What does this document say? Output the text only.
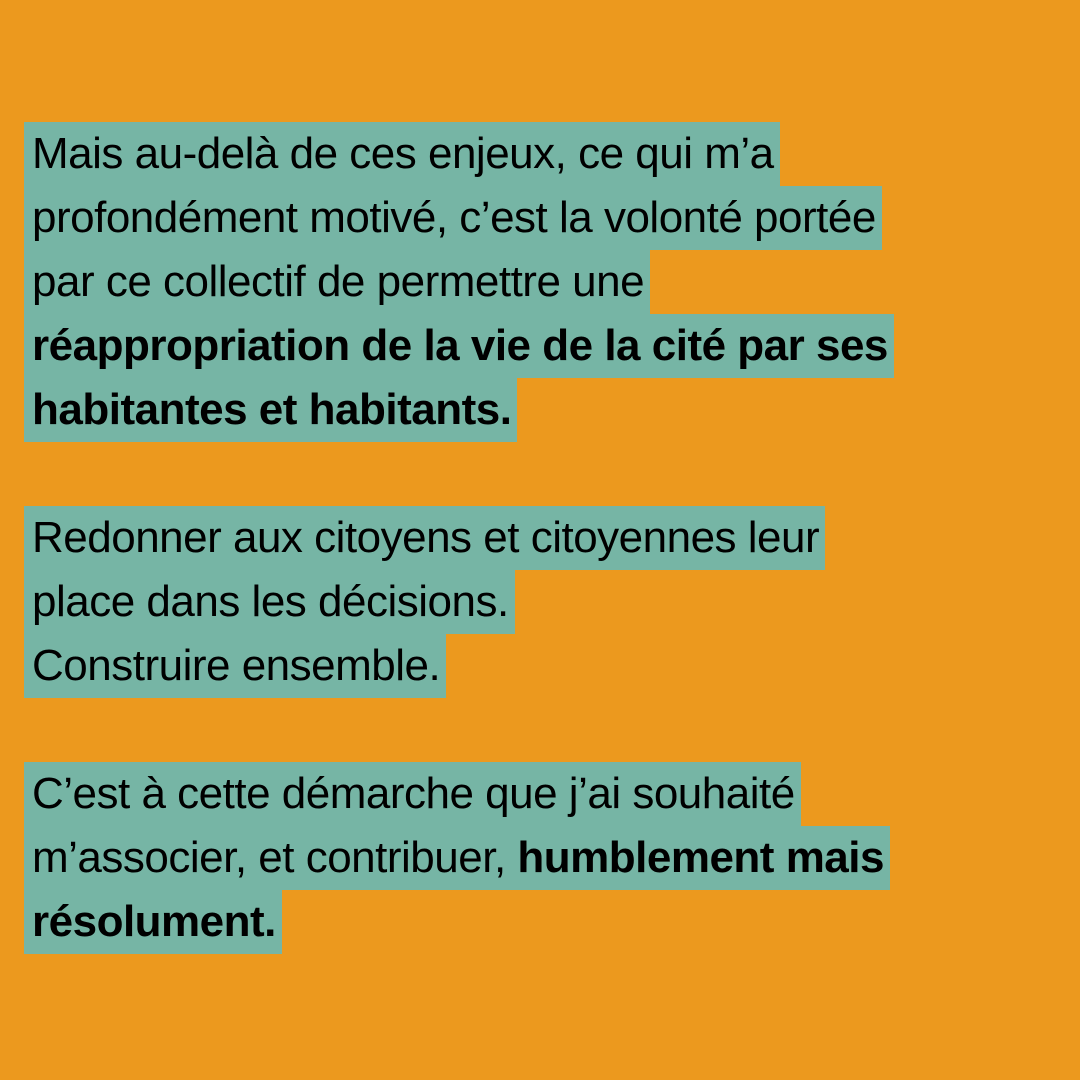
Mais au-delà de ces enjeux, ce qui m’a
profondément motivé, c’est la volonté portée
par ce collectif de permettre une
réappropriation de la vie de la cité par ses
habitantes et habitants.
Redonner aux citoyens et citoyennes leur
place dans les décisions.
Construire ensemble.
C’est à cette démarche que j’ai souhaité
m’associer, et contribuer, humblement mais
résolument.
